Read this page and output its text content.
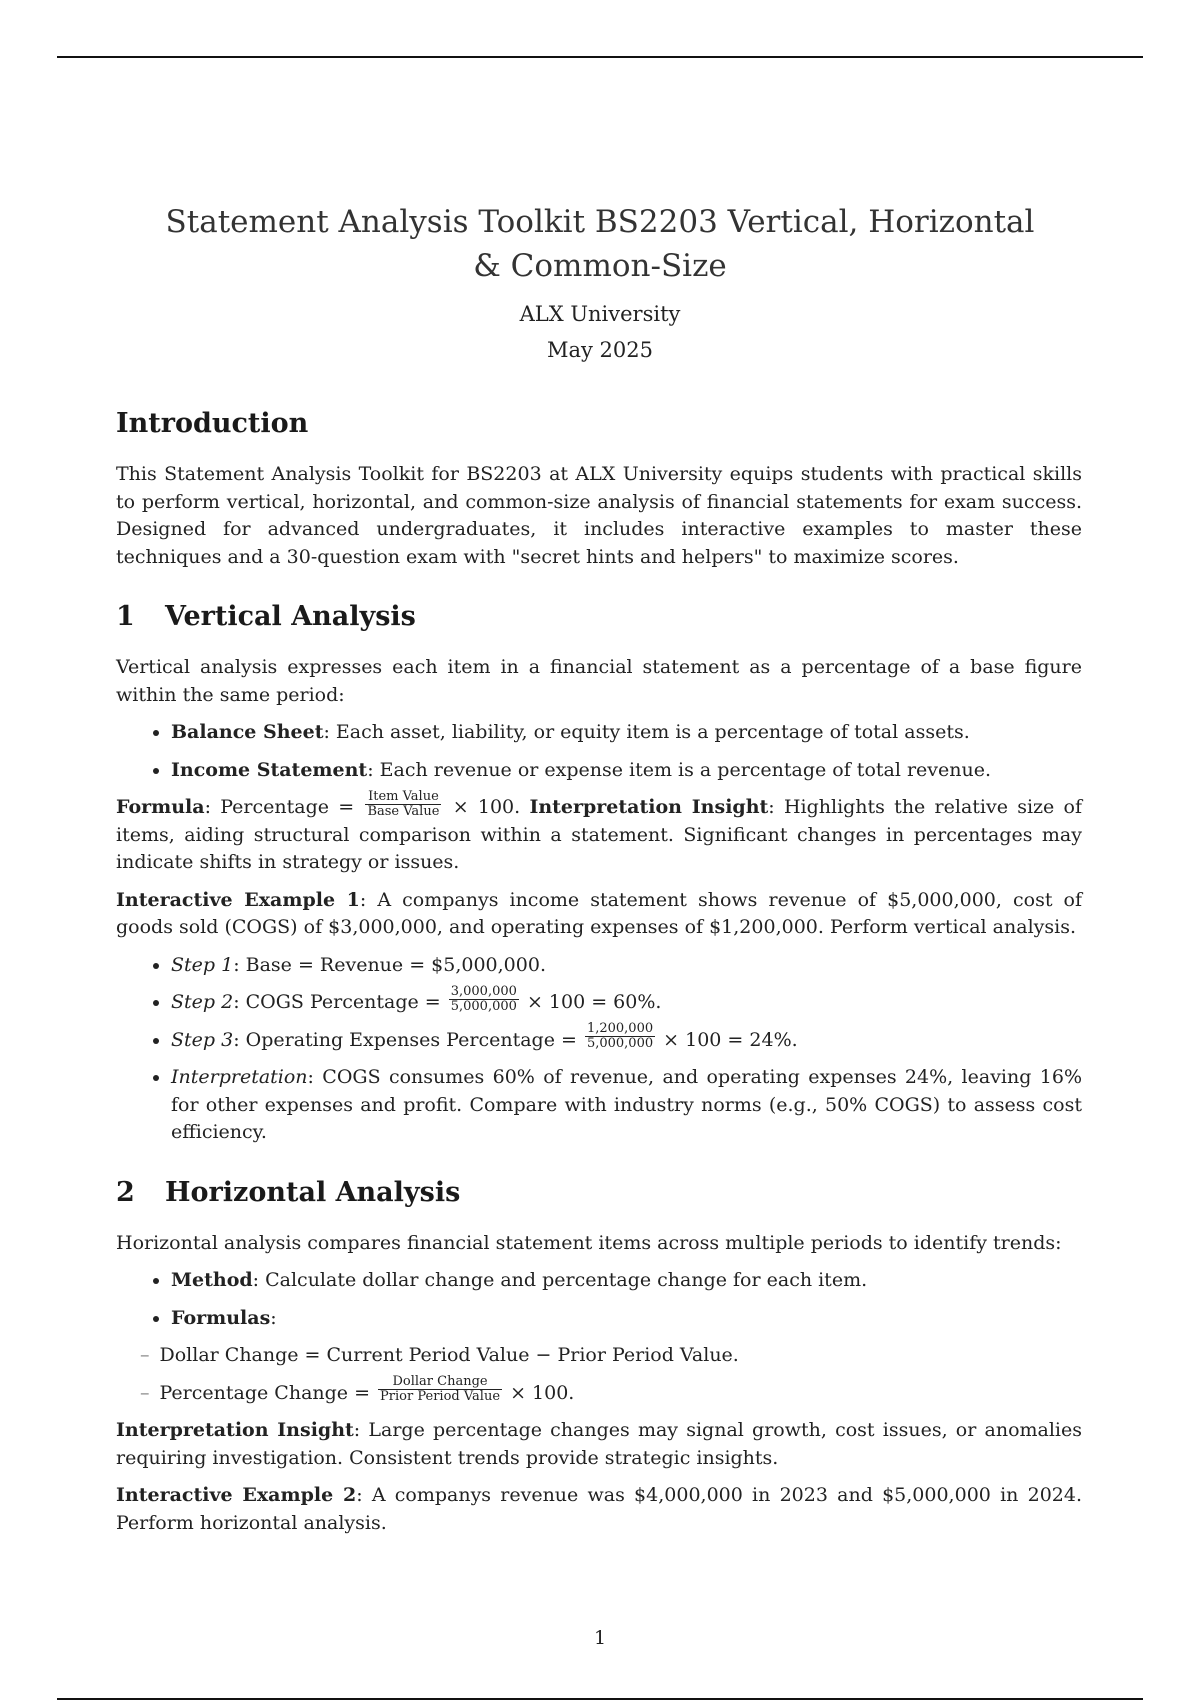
Statement Analysis Toolkit BS2203 Vertical, Horizontal & Common-Size
ALX University
May 2025
Introduction

This Statement Analysis Toolkit for BS2203 at ALX University equips students with practical skills to perform vertical, horizontal, and common-size analysis of financial statements for exam success. Designed for advanced undergraduates, it includes interactive examples to master these techniques and a 30-question exam with "secret hints and helpers" to maximize scores.

1 Vertical Analysis

Vertical analysis expresses each item in a financial statement as a percentage of a base figure within the same period:

• Balance Sheet: Each asset, liability, or equity item is a percentage of total assets.
• Income Statement: Each revenue or expense item is a percentage of total revenue.

Formula: Percentage = $\frac{\text{Item Value}}{\text{Base Value}} \times 100$. Interpretation Insight: Highlights the relative size of items, aiding structural comparison within a statement. Significant changes in percentages may indicate shifts in strategy or issues.

Interactive Example 1: A companys income statement shows revenue of $5,000,000, cost of goods sold (COGS) of $3,000,000, and operating expenses of $1,200,000. Perform vertical analysis.

• Step 1: Base = Revenue = $5,000,000.
• Step 2: COGS Percentage = $\frac{3,000,000}{5,000,000} \times 100 = 60\%$.
• Step 3: Operating Expenses Percentage = $\frac{1,200,000}{5,000,000} \times 100 = 24\%$.
• Interpretation: COGS consumes 60% of revenue, and operating expenses 24%, leaving 16% for other expenses and profit. Compare with industry norms (e.g., 50% COGS) to assess cost efficiency.
2 Horizontal Analysis

Horizontal analysis compares financial statement items across multiple periods to identify trends:

• Method: Calculate dollar change and percentage change for each item.
• Formulas:
– Dollar Change = Current Period Value − Prior Period Value.
– Percentage Change = $\frac{\text{Dollar Change}}{\text{Prior Period Value}} \times 100$.

Interpretation Insight: Large percentage changes may signal growth, cost issues, or anomalies requiring investigation. Consistent trends provide strategic insights.

Interactive Example 2: A companys revenue was $4,000,000 in 2023 and $5,000,000 in 2024. Perform horizontal analysis.

1
